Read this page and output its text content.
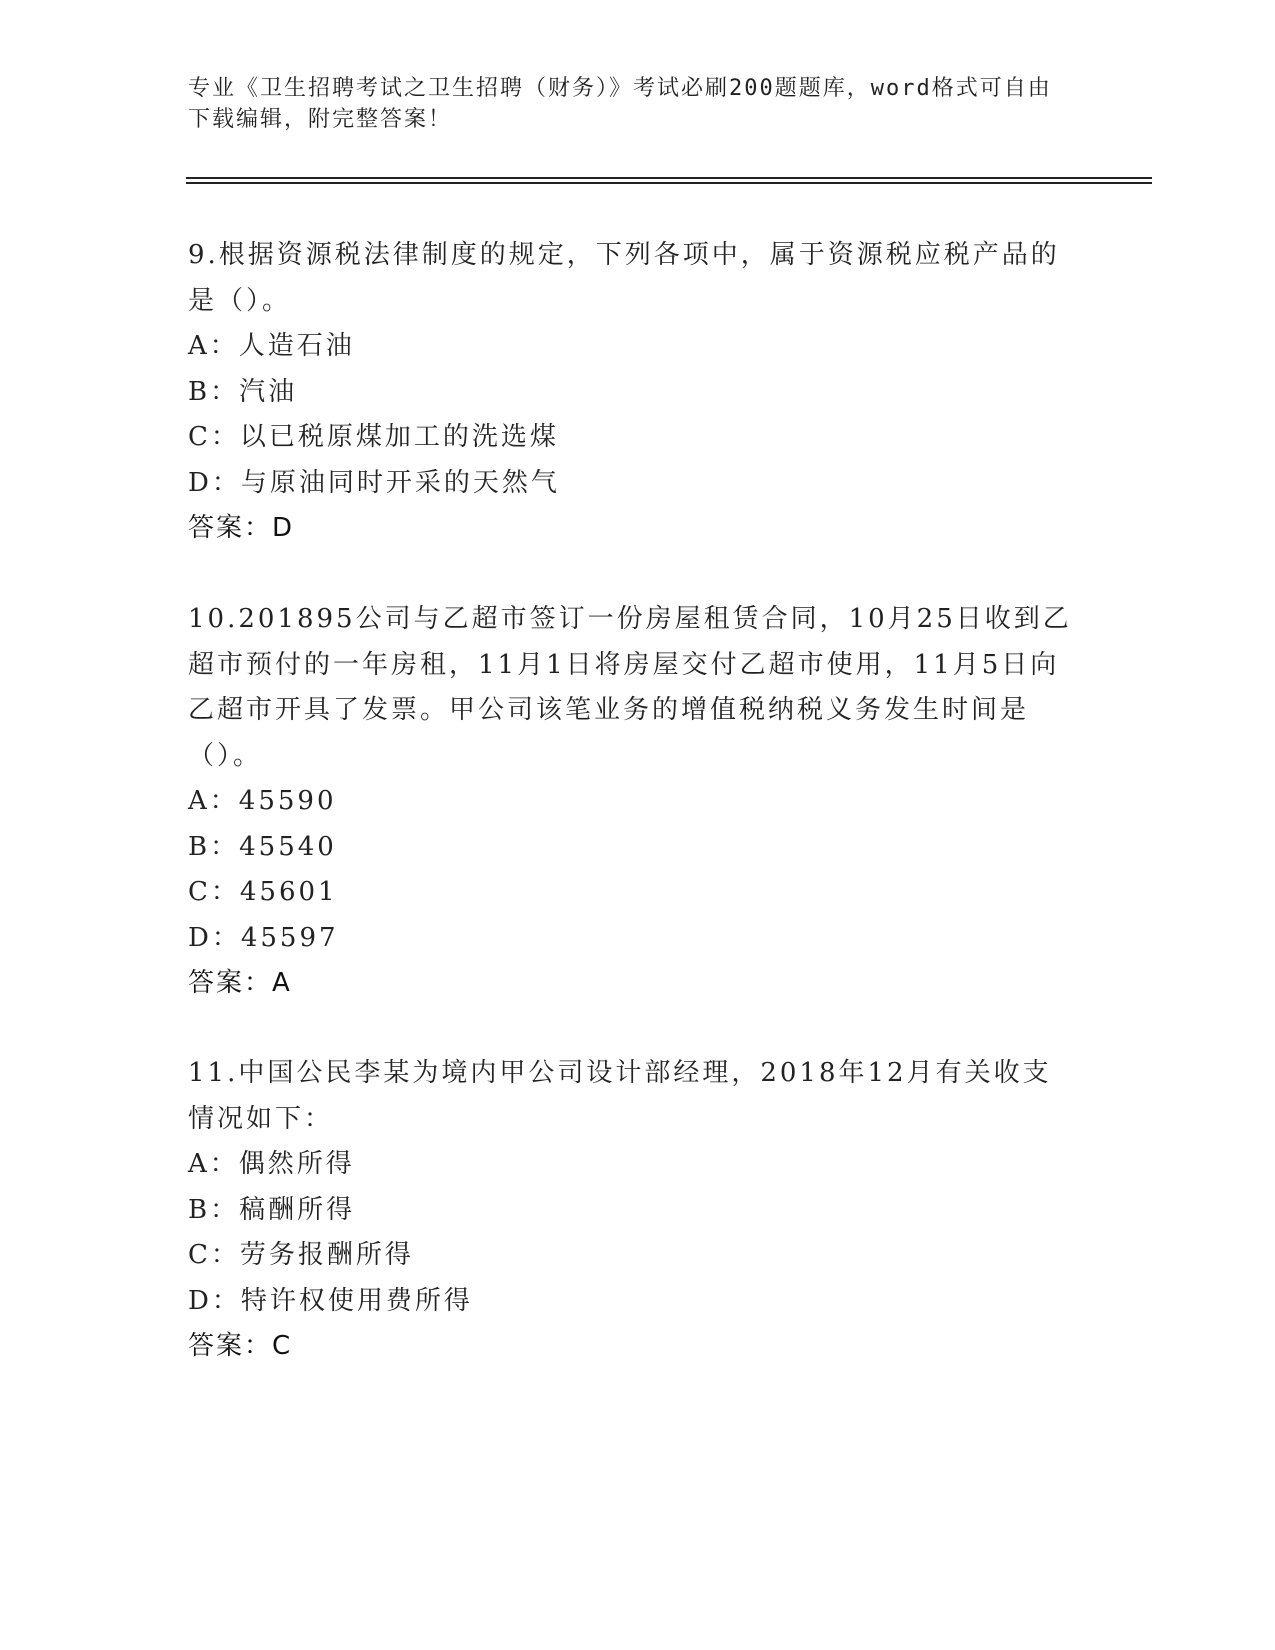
专业《卫生招聘考试之卫生招聘（财务）》考试必刷200题题库，word格式可自由下载编辑，附完整答案！
9.根据资源税法律制度的规定，下列各项中，属于资源税应税产品的是（）。
A：人造石油
B：汽油
C：以已税原煤加工的洗选煤
D：与原油同时开采的天然气
答案：D
10.201895公司与乙超市签订一份房屋租赁合同，10月25日收到乙超市预付的一年房租，11月1日将房屋交付乙超市使用，11月5日向乙超市开具了发票。甲公司该笔业务的增值税纳税义务发生时间是（）。
A：45590
B：45540
C：45601
D：45597
答案：A
11.中国公民李某为境内甲公司设计部经理，2018年12月有关收支情况如下：
A：偶然所得
B：稿酬所得
C：劳务报酬所得
D：特许权使用费所得
答案：C
